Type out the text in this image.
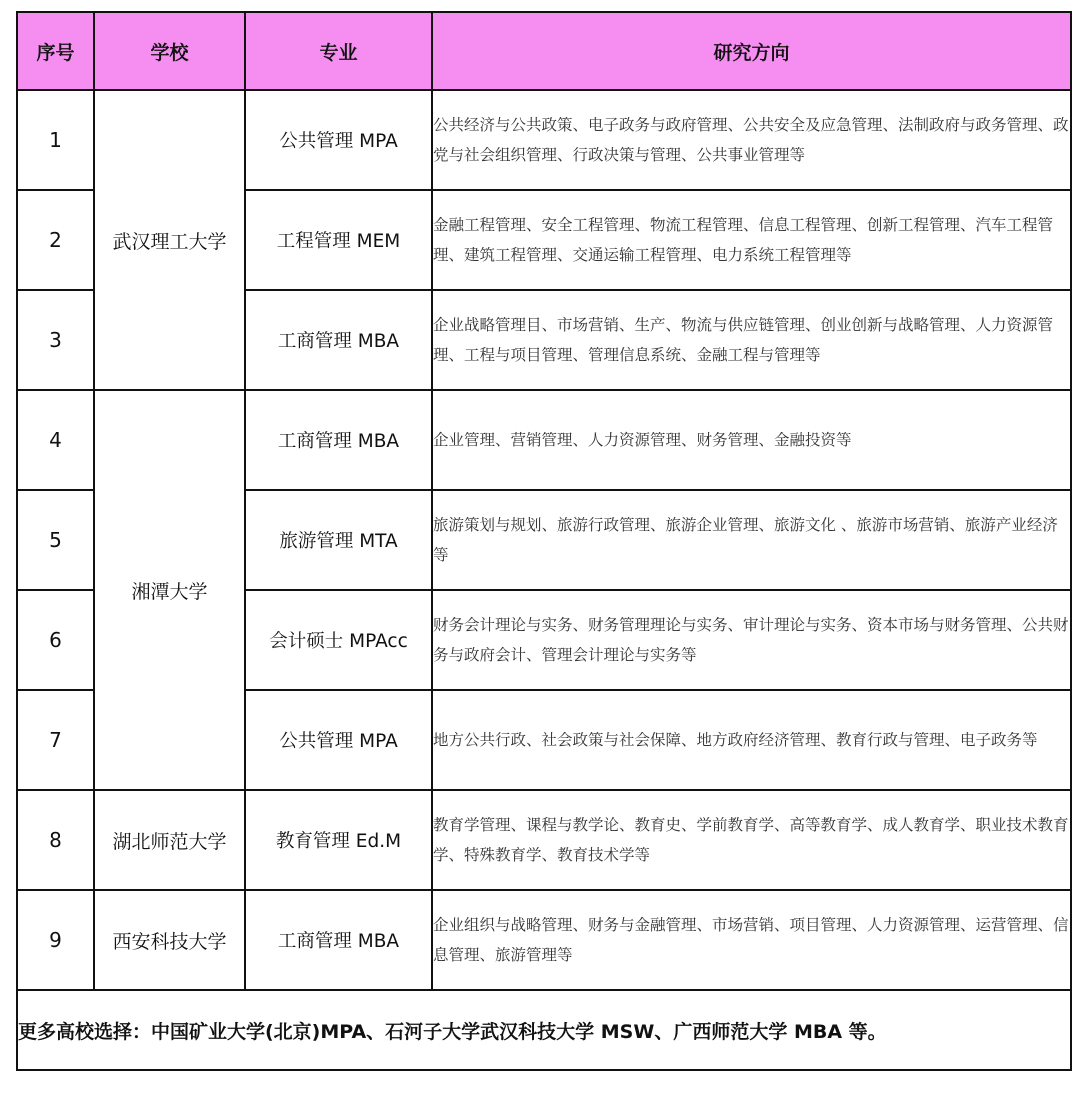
序号	学校	专业	研究方向
1	武汉理工大学	公共管理 MPA	公共经济与公共政策、电子政务与政府管理、公共安全及应急管理、法制政府与政务管理、政党与社会组织管理、行政决策与管理、公共事业管理等
2		工程管理 MEM	金融工程管理、安全工程管理、物流工程管理、信息工程管理、创新工程管理、汽车工程管理、建筑工程管理、交通运输工程管理、电力系统工程管理等
3		工商管理 MBA	企业战略管理目、市场营销、生产、物流与供应链管理、创业创新与战略管理、人力资源管理、工程与项目管理、管理信息系统、金融工程与管理等
4	湘潭大学	工商管理 MBA	企业管理、营销管理、人力资源管理、财务管理、金融投资等
5		旅游管理 MTA	旅游策划与规划、旅游行政管理、旅游企业管理、旅游文化 、旅游市场营销、旅游产业经济等
6		会计硕士 MPAcc	财务会计理论与实务、财务管理理论与实务、审计理论与实务、资本市场与财务管理、公共财务与政府会计、管理会计理论与实务等
7		公共管理 MPA	地方公共行政、社会政策与社会保障、地方政府经济管理、教育行政与管理、电子政务等
8	湖北师范大学	教育管理 Ed.M	教育学管理、课程与教学论、教育史、学前教育学、高等教育学、成人教育学、职业技术教育学、特殊教育学、教育技术学等
9	西安科技大学	工商管理 MBA	企业组织与战略管理、财务与金融管理、市场营销、项目管理、人力资源管理、运营管理、信息管理、旅游管理等
更多高校选择：中国矿业大学(北京)MPA、石河子大学武汉科技大学 MSW、广西师范大学 MBA 等。			
